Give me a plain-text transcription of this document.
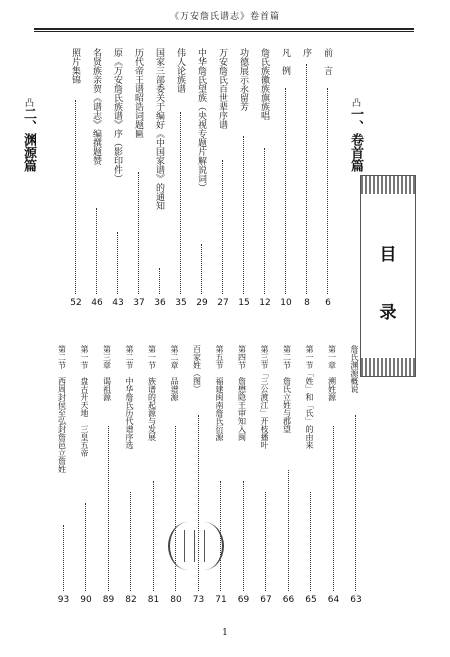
《万安詹氏谱志》卷首篇
凸一、卷首篇
凸二、渊源篇
目
录
前　言
6
序
8
凡　例
10
詹氏族徽族旗族唱
12
功德展示永留芳
15
万安詹氏百世辈序谱
27
中华詹氏望族（央视专题片解说词）
29
伟人论族谱
35
国家三部委关于编好《中国家谱》的通知
36
历代帝王谱昭诰词题匾
37
原《万安詹氏族谱》序（影印件）
43
名贤族亲贺《谱志》编撰题赞
46
照片集锦
52
詹氏渊源概说
63
第一章　溯姓源
64
第一节「姓」和「氏」的由来
65
第二节　詹氏立姓与郡望
66
第三节「三公渡江」开枝播叶
67
第四节　詹懋隐王审知入闽
69
第五节　福建闽南詹氏衍源
71
百家姓（图）
73
第二章　品谱源
80
第一节　族谱的起源与发展
81
第二节　中华詹氏历代谱序选
82
第三章　谒祖源
89
第一节　盘古开天地　三皇五帝
90
第二节　西周封侯至弘封詹邑立詹姓
93
1
